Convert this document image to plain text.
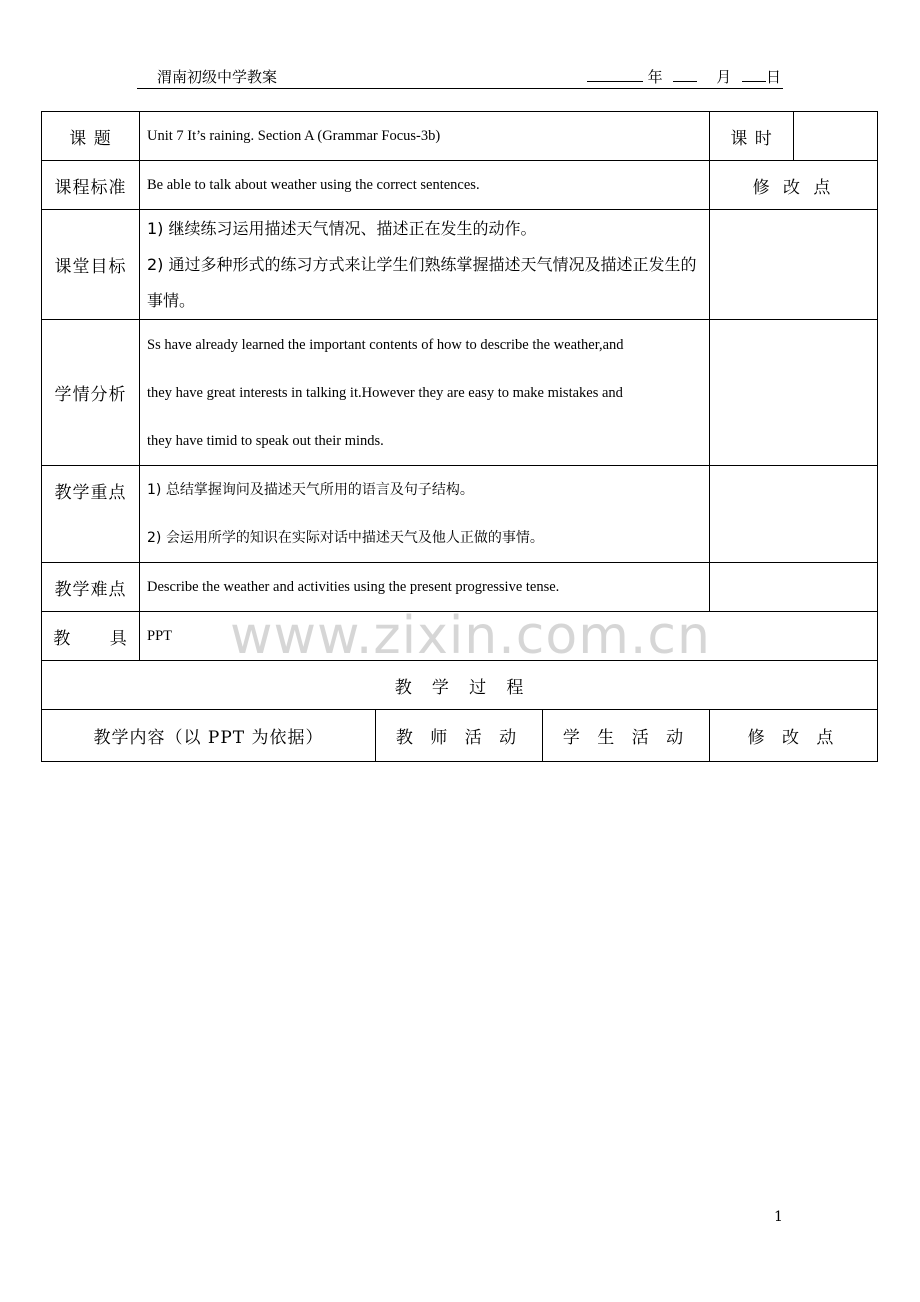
渭南初级中学教案	年	月 日
课 题	Unit 7 It’s raining. Section A (Grammar Focus-3b)			课 时	
课程标准	Be able to talk about weather using the correct sentences.			修 改 点	
课堂目标	1) 继续练习运用描述天气情况、描述正在发生的动作。
2) 通过多种形式的练习方式来让学生们熟练掌握描述天气情况及描述正发生的事情。				

学情分析	Ss have already learned the important contents of how to describe the weather,and
they have great interests in talking it.However they are easy to make mistakes and
they have timid to speak out their minds.				

教学重点	1) 总结掌握询问及描述天气所用的语言及句子结构。
2) 会运用所学的知识在实际对话中描述天气及他人正做的事情。				

教学难点	Describe the weather and activities using the present progressive tense.				
教      具	PPT				
教   学   过   程					
教学内容（以 PPT 为依据）		教 师 活 动	学 生 活 动	修 改 点	
www.zixin.com.cn
1
